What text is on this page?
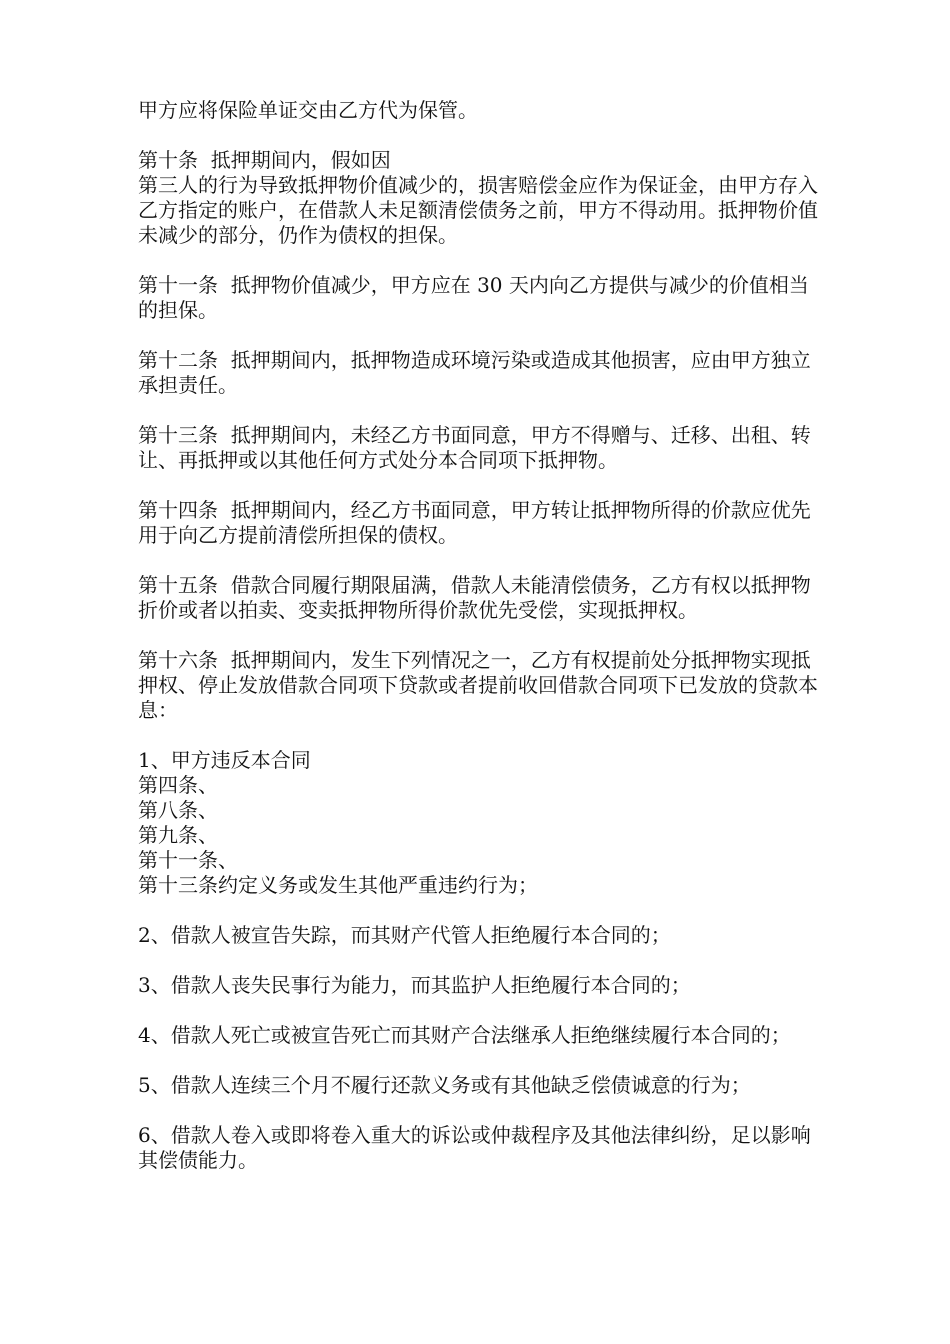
甲方应将保险单证交由乙方代为保管。

第十条  抵押期间内，假如因

第三人的行为导致抵押物价值减少的，损害赔偿金应作为保证金，由甲方存入乙方指定的账户，在借款人未足额清偿债务之前，甲方不得动用。抵押物价值未减少的部分，仍作为债权的担保。

第十一条  抵押物价值减少，甲方应在 30 天内向乙方提供与减少的价值相当的担保。

第十二条  抵押期间内，抵押物造成环境污染或造成其他损害，应由甲方独立承担责任。

第十三条  抵押期间内，未经乙方书面同意，甲方不得赠与、迁移、出租、转让、再抵押或以其他任何方式处分本合同项下抵押物。

第十四条  抵押期间内，经乙方书面同意，甲方转让抵押物所得的价款应优先用于向乙方提前清偿所担保的债权。

第十五条  借款合同履行期限届满，借款人未能清偿债务，乙方有权以抵押物折价或者以拍卖、变卖抵押物所得价款优先受偿，实现抵押权。

第十六条  抵押期间内，发生下列情况之一，乙方有权提前处分抵押物实现抵押权、停止发放借款合同项下贷款或者提前收回借款合同项下已发放的贷款本息：

1、甲方违反本合同

第四条、

第八条、

第九条、

第十一条、

第十三条约定义务或发生其他严重违约行为；

2、借款人被宣告失踪，而其财产代管人拒绝履行本合同的；

3、借款人丧失民事行为能力，而其监护人拒绝履行本合同的；

4、借款人死亡或被宣告死亡而其财产合法继承人拒绝继续履行本合同的；

5、借款人连续三个月不履行还款义务或有其他缺乏偿债诚意的行为；

6、借款人卷入或即将卷入重大的诉讼或仲裁程序及其他法律纠纷，足以影响其偿债能力。
